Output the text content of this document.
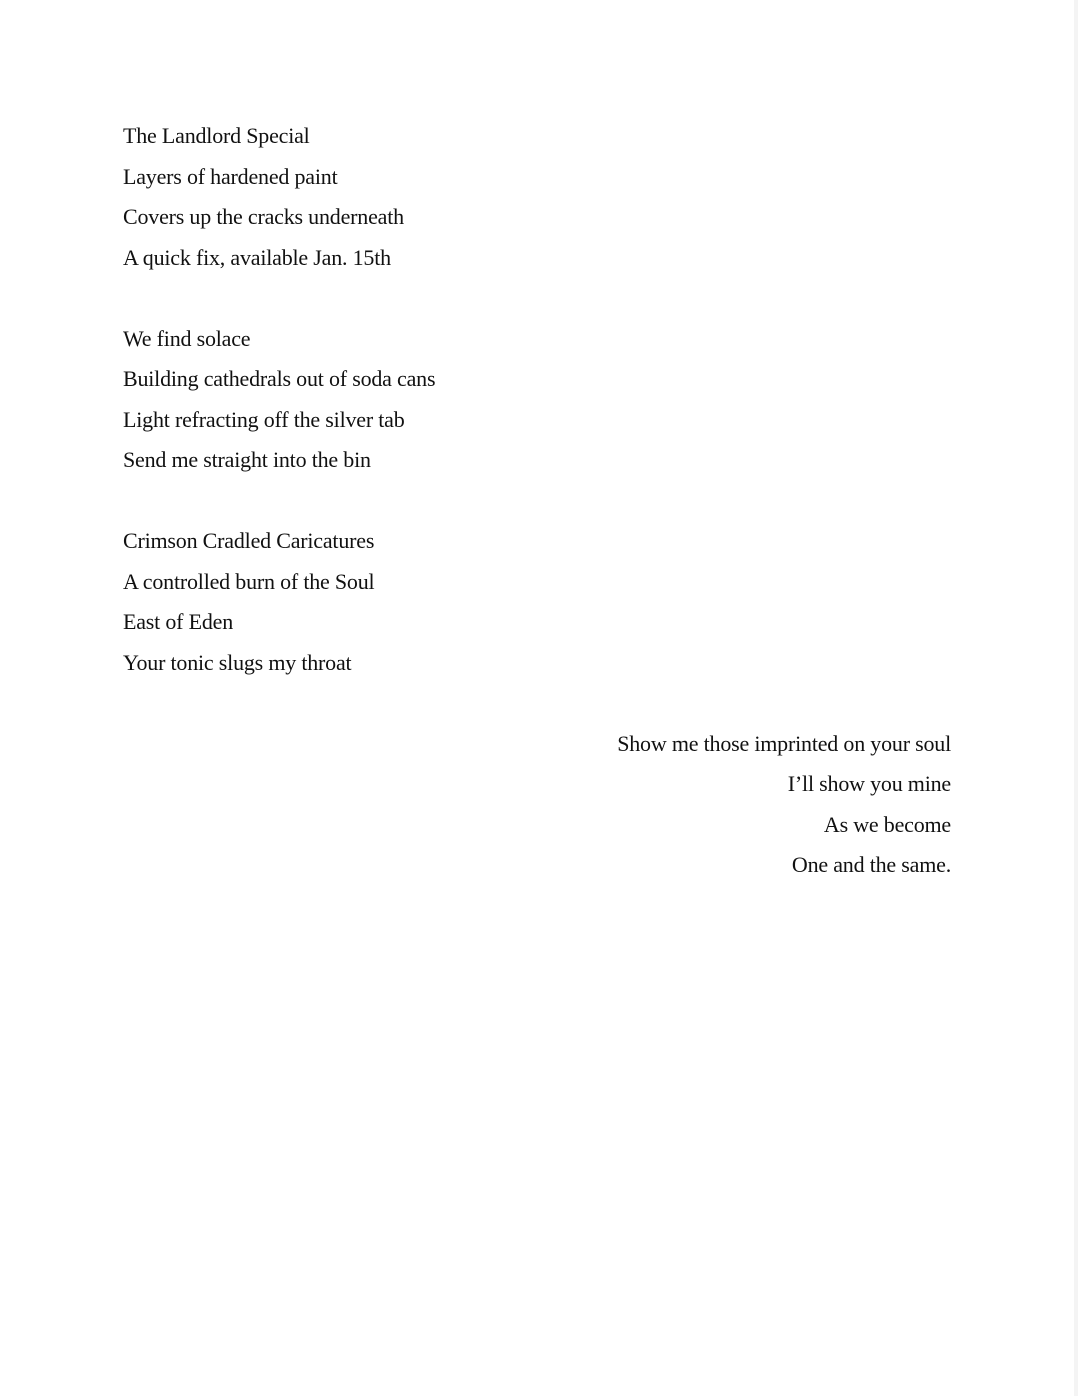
The Landlord Special
Layers of hardened paint
Covers up the cracks underneath
A quick fix, available Jan. 15th
We find solace
Building cathedrals out of soda cans
Light refracting off the silver tab
Send me straight into the bin
Crimson Cradled Caricatures
A controlled burn of the Soul
East of Eden
Your tonic slugs my throat
Show me those imprinted on your soul
I’ll show you mine
As we become
One and the same.
